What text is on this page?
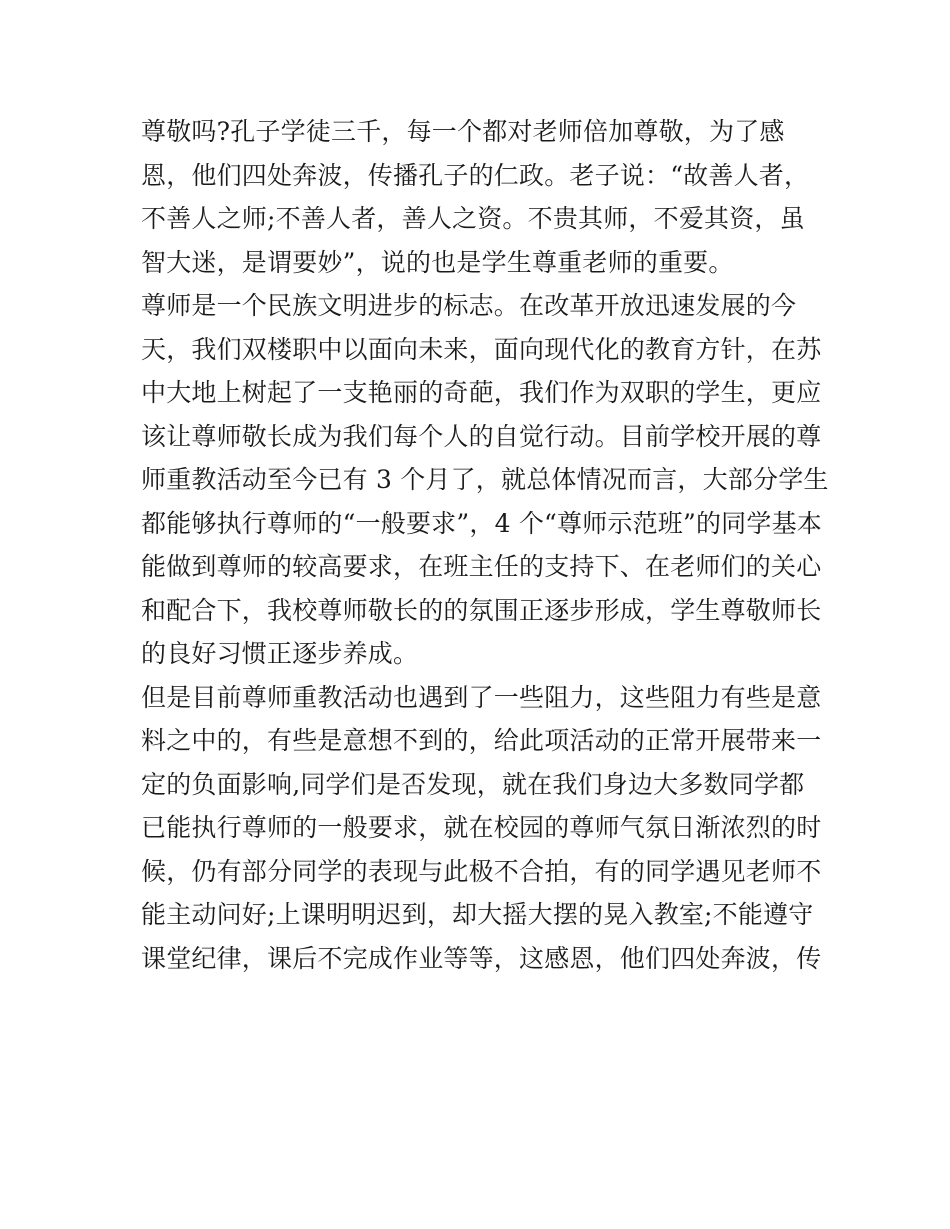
尊敬吗?孔子学徒三千，每一个都对老师倍加尊敬，为了感
恩，他们四处奔波，传播孔子的仁政。老子说：“故善人者，
不善人之师;不善人者，善人之资。不贵其师，不爱其资，虽
智大迷，是谓要妙”，说的也是学生尊重老师的重要。
尊师是一个民族文明进步的标志。在改革开放迅速发展的今
天，我们双楼职中以面向未来，面向现代化的教育方针，在苏
中大地上树起了一支艳丽的奇葩，我们作为双职的学生，更应
该让尊师敬长成为我们每个人的自觉行动。目前学校开展的尊
师重教活动至今已有 3 个月了，就总体情况而言，大部分学生
都能够执行尊师的“一般要求”，4 个“尊师示范班”的同学基本
能做到尊师的较高要求，在班主任的支持下、在老师们的关心
和配合下，我校尊师敬长的的氛围正逐步形成，学生尊敬师长
的良好习惯正逐步养成。
但是目前尊师重教活动也遇到了一些阻力，这些阻力有些是意
料之中的，有些是意想不到的，给此项活动的正常开展带来一
定的负面影响,同学们是否发现，就在我们身边大多数同学都
已能执行尊师的一般要求，就在校园的尊师气氛日渐浓烈的时
候，仍有部分同学的表现与此极不合拍，有的同学遇见老师不
能主动问好;上课明明迟到，却大摇大摆的晃入教室;不能遵守
课堂纪律，课后不完成作业等等，这感恩，他们四处奔波，传
